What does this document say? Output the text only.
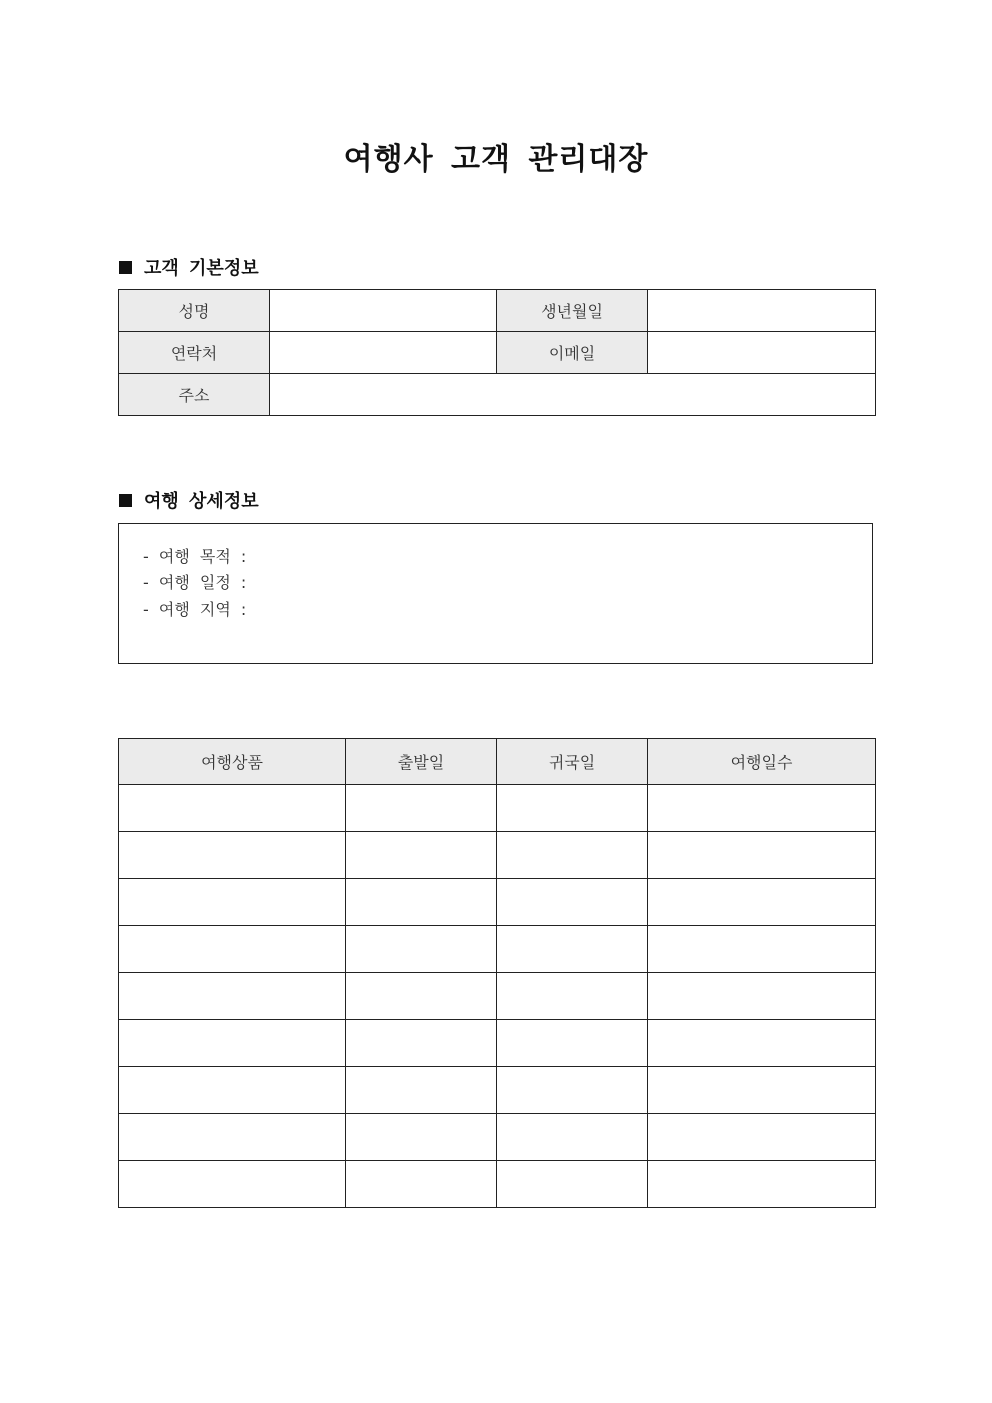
여행사 고객 관리대장
고객 기본정보
성명		생년월일	
연락처		이메일	
주소			
여행 상세정보
- 여행 목적 :
- 여행 일정 :
- 여행 지역 :
여행상품	출발일	귀국일	여행일수
